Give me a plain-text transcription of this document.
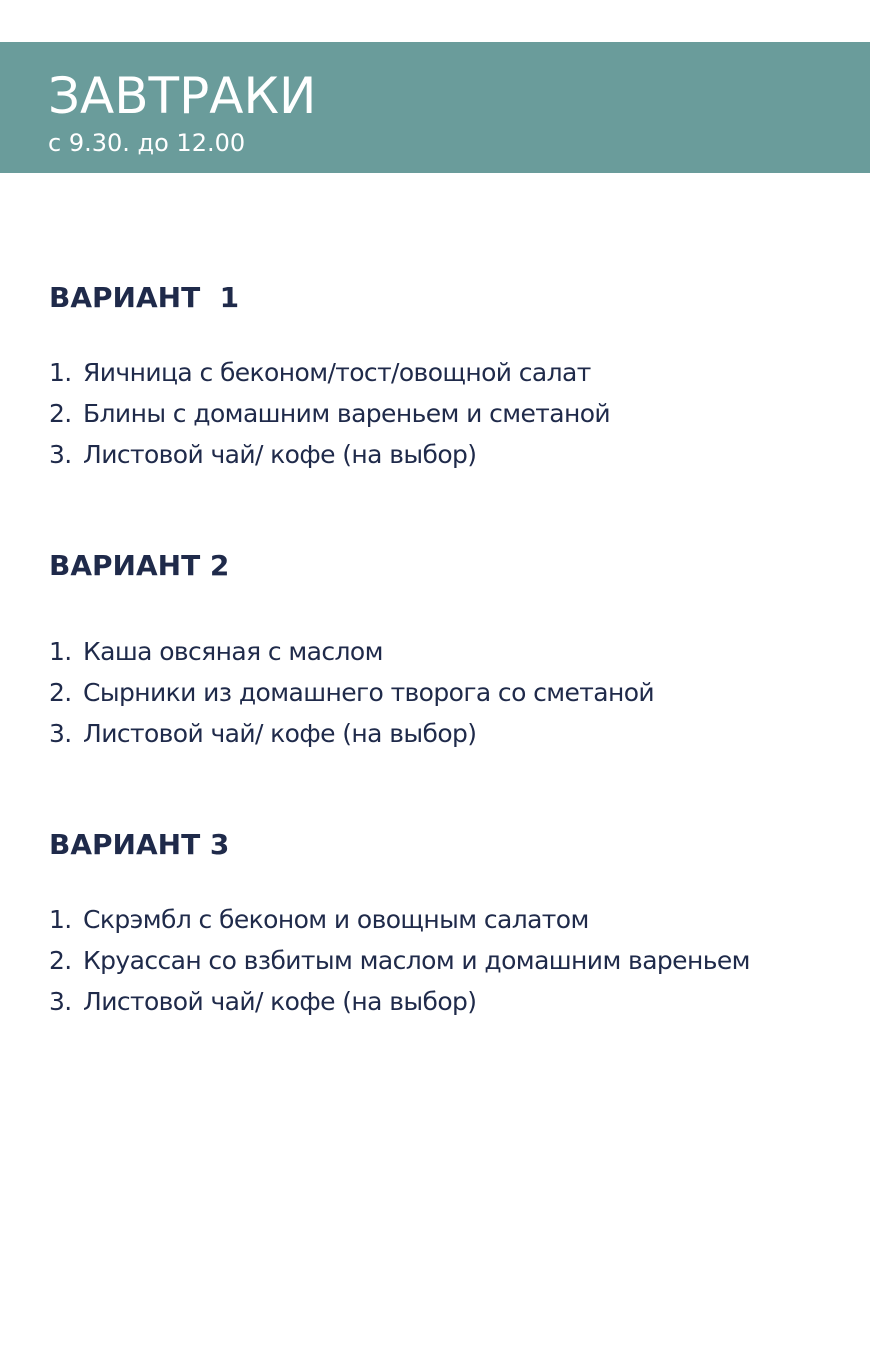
ЗАВТРАКИ
с 9.30. до 12.00
ВАРИАНТ  1
1. Яичница с беконом/тост/овощной салат
2. Блины с домашним вареньем и сметаной
3. Листовой чай/ кофе (на выбор)
ВАРИАНТ 2
1. Каша овсяная с маслом
2. Сырники из домашнего творога со сметаной
3. Листовой чай/ кофе (на выбор)
ВАРИАНТ 3
1. Скрэмбл с беконом и овощным салатом
2. Круассан со взбитым маслом и домашним вареньем
3. Листовой чай/ кофе (на выбор)
